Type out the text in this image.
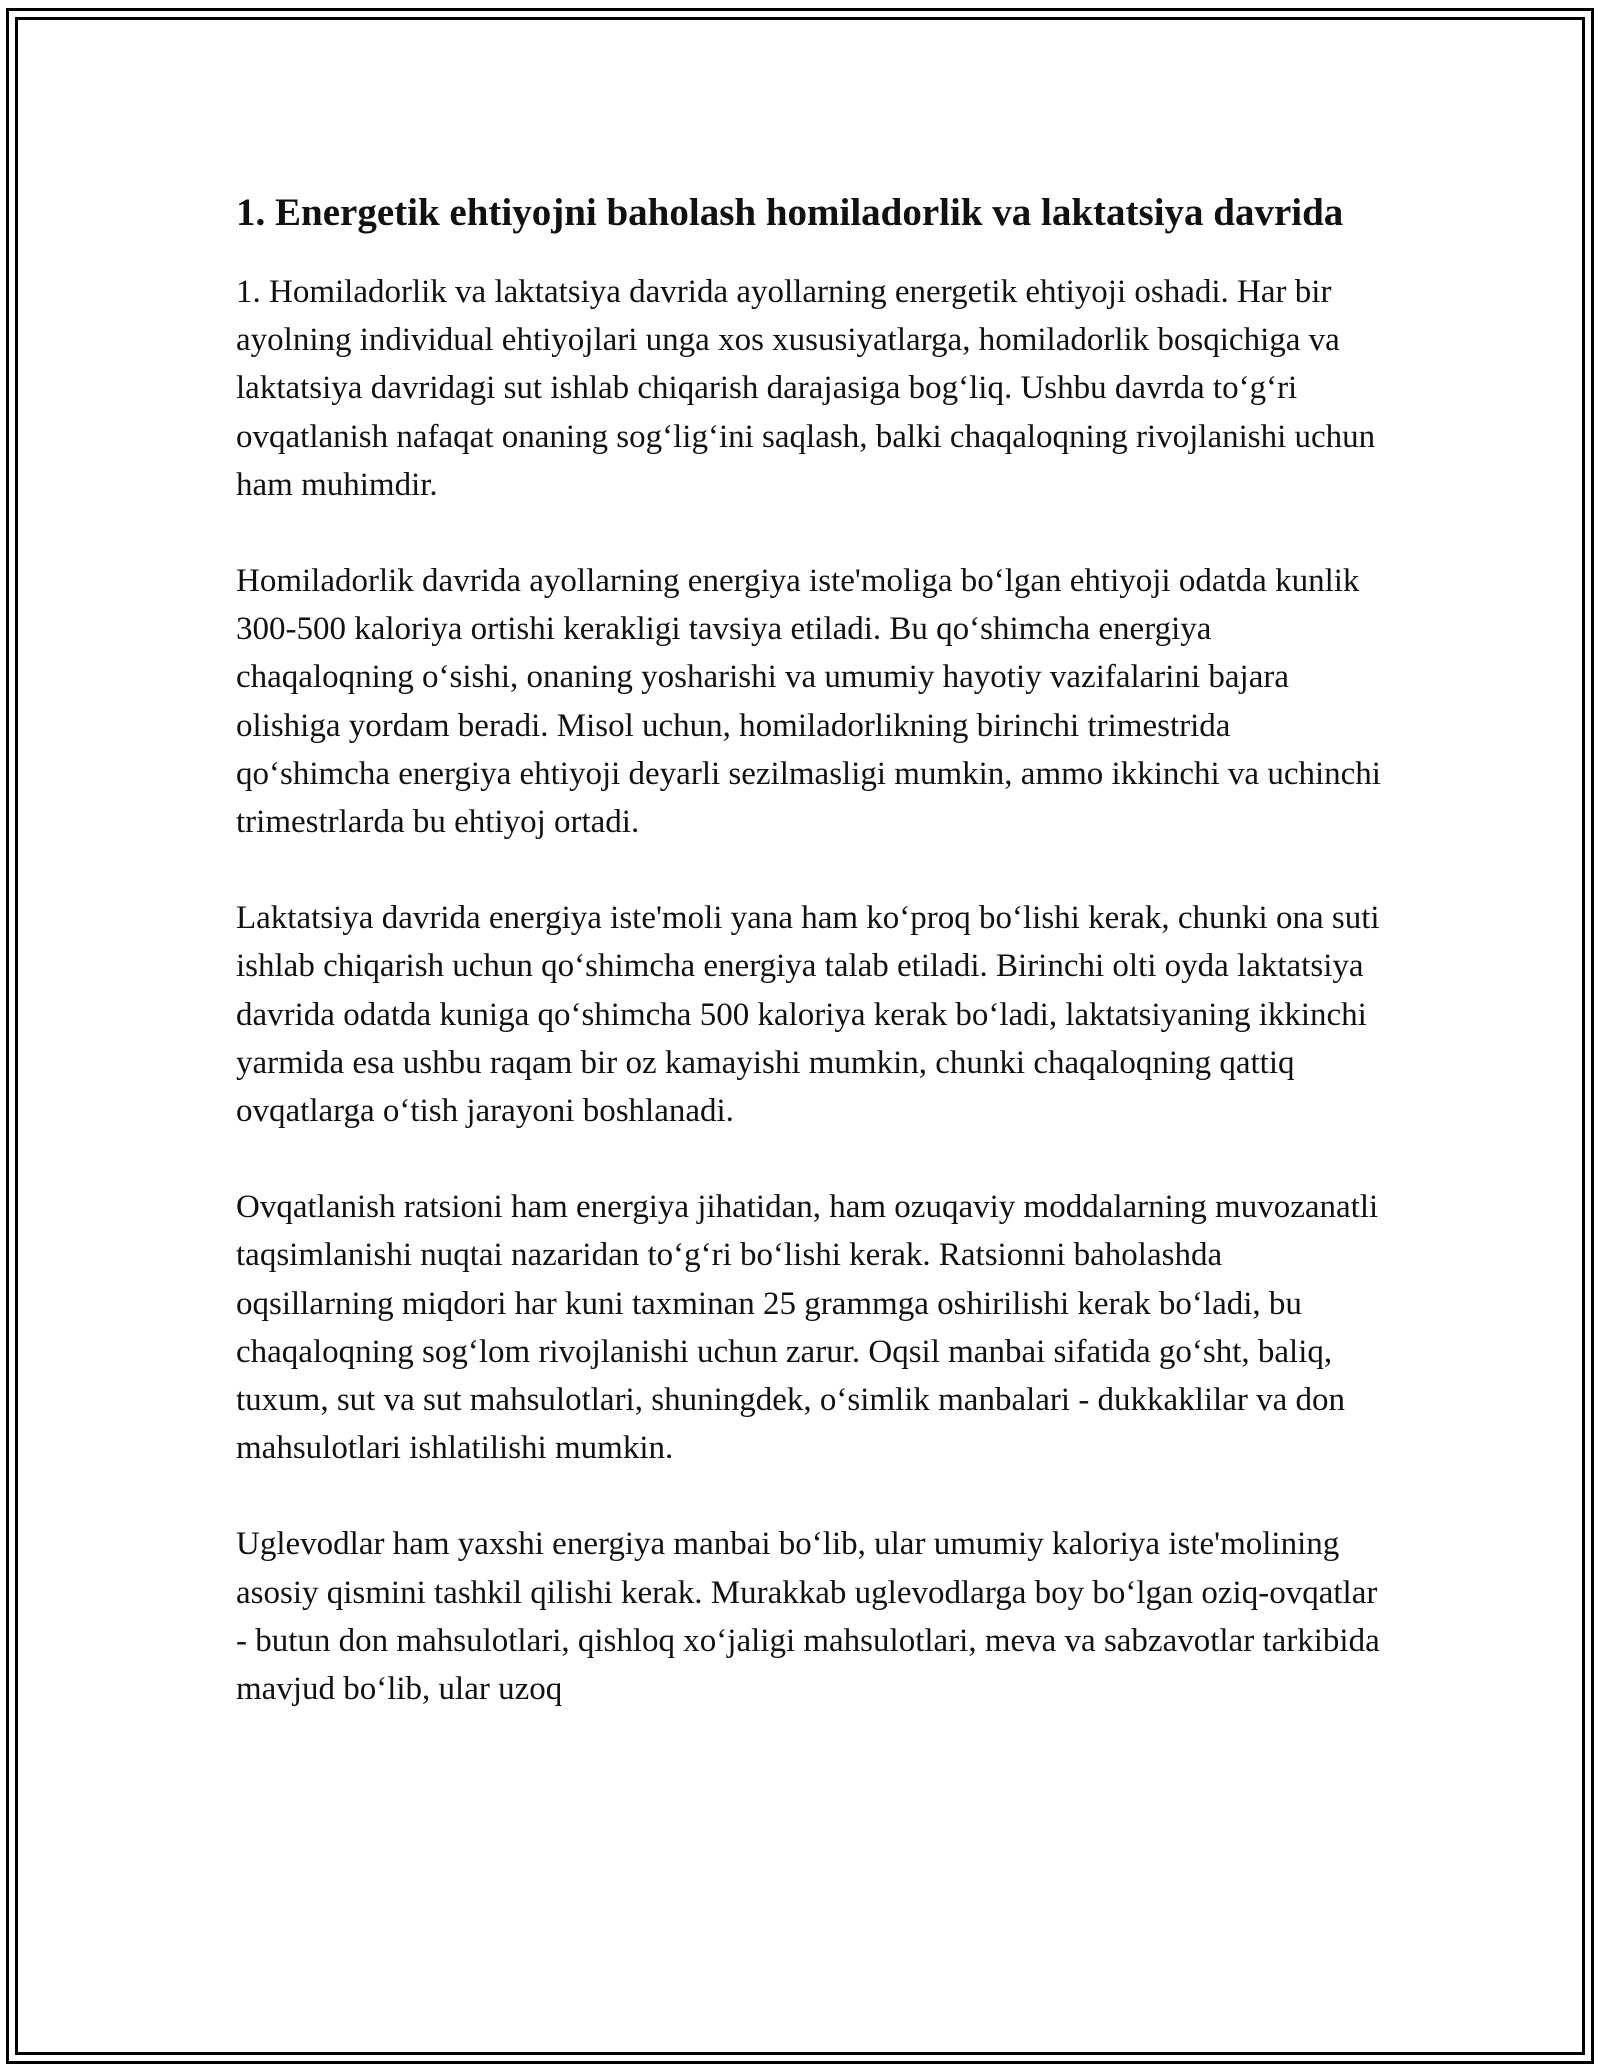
1. Energetik ehtiyojni baholash homiladorlik va laktatsiya davrida

1. Homiladorlik va laktatsiya davrida ayollarning energetik ehtiyoji oshadi. Har bir ayolning individual ehtiyojlari unga xos xususiyatlarga, homiladorlik bosqichiga va laktatsiya davridagi sut ishlab chiqarish darajasiga bog‘liq. Ushbu davrda to‘g‘ri ovqatlanish nafaqat onaning sog‘lig‘ini saqlash, balki chaqaloqning rivojlanishi uchun ham muhimdir.

Homiladorlik davrida ayollarning energiya iste'moliga bo‘lgan ehtiyoji odatda kunlik 300-500 kaloriya ortishi kerakligi tavsiya etiladi. Bu qo‘shimcha energiya chaqaloqning o‘sishi, onaning yosharishi va umumiy hayotiy vazifalarini bajara olishiga yordam beradi. Misol uchun, homiladorlikning birinchi trimestrida qo‘shimcha energiya ehtiyoji deyarli sezilmasligi mumkin, ammo ikkinchi va uchinchi trimestrlarda bu ehtiyoj ortadi.

Laktatsiya davrida energiya iste'moli yana ham ko‘proq bo‘lishi kerak, chunki ona suti ishlab chiqarish uchun qo‘shimcha energiya talab etiladi. Birinchi olti oyda laktatsiya davrida odatda kuniga qo‘shimcha 500 kaloriya kerak bo‘ladi, laktatsiyaning ikkinchi yarmida esa ushbu raqam bir oz kamayishi mumkin, chunki chaqaloqning qattiq ovqatlarga o‘tish jarayoni boshlanadi.

Ovqatlanish ratsioni ham energiya jihatidan, ham ozuqaviy moddalarning muvozanatli taqsimlanishi nuqtai nazaridan to‘g‘ri bo‘lishi kerak. Ratsionni baholashda oqsillarning miqdori har kuni taxminan 25 grammga oshirilishi kerak bo‘ladi, bu chaqaloqning sog‘lom rivojlanishi uchun zarur. Oqsil manbai sifatida go‘sht, baliq, tuxum, sut va sut mahsulotlari, shuningdek, o‘simlik manbalari - dukkaklilar va don mahsulotlari ishlatilishi mumkin.

Uglevodlar ham yaxshi energiya manbai bo‘lib, ular umumiy kaloriya iste'molining asosiy qismini tashkil qilishi kerak. Murakkab uglevodlarga boy bo‘lgan oziq-ovqatlar - butun don mahsulotlari, qishloq xo‘jaligi mahsulotlari, meva va sabzavotlar tarkibida mavjud bo‘lib, ular uzoq
